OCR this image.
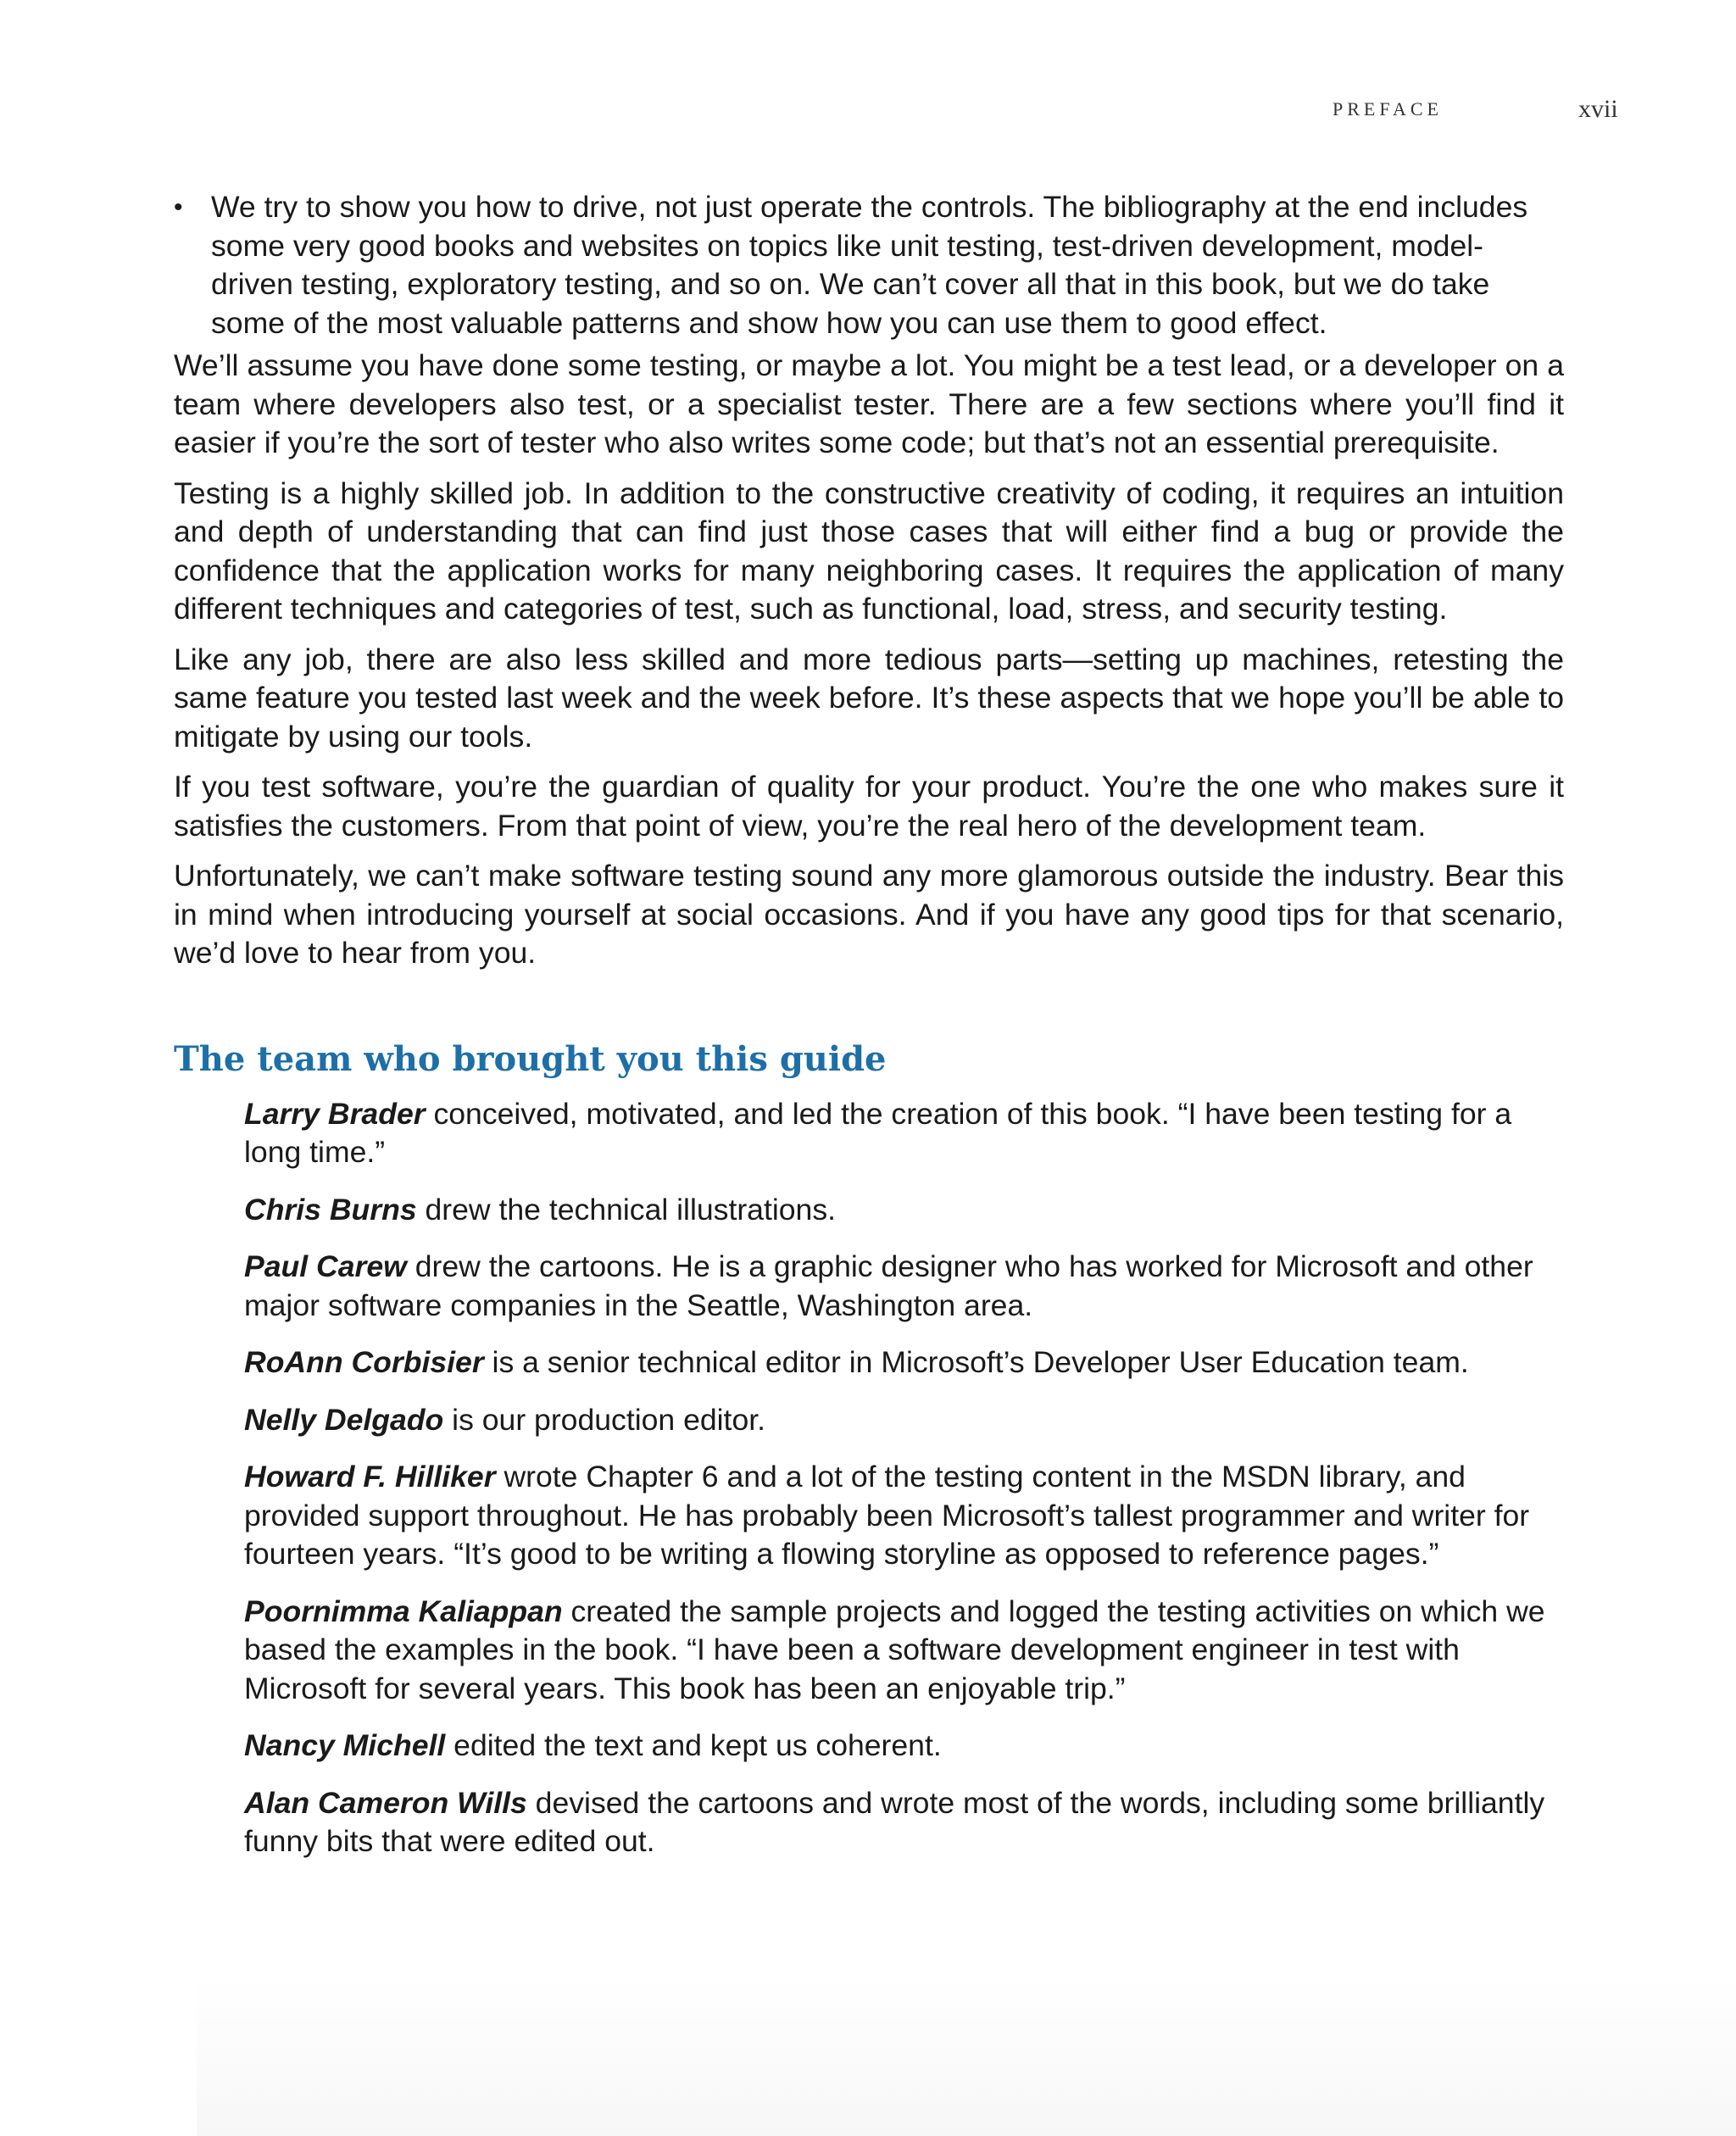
PREFACE	xvii
• We try to show you how to drive, not just operate the controls. The bibliography at the end includes some very good books and websites on topics like unit testing, test-driven development, model-driven testing, exploratory testing, and so on. We can’t cover all that in this book, but we do take some of the most valuable patterns and show how you can use them to good effect.

We’ll assume you have done some testing, or maybe a lot. You might be a test lead, or a developer on a team where developers also test, or a specialist tester. There are a few sections where you’ll find it easier if you’re the sort of tester who also writes some code; but that’s not an essential prerequisite.

Testing is a highly skilled job. In addition to the constructive creativity of coding, it requires an intuition and depth of understanding that can find just those cases that will either find a bug or provide the confidence that the application works for many neighboring cases. It requires the application of many different techniques and categories of test, such as functional, load, stress, and security testing.

Like any job, there are also less skilled and more tedious parts—setting up machines, retesting the same feature you tested last week and the week before. It’s these aspects that we hope you’ll be able to mitigate by using our tools.

If you test software, you’re the guardian of quality for your product. You’re the one who makes sure it satisfies the customers. From that point of view, you’re the real hero of the development team.

Unfortunately, we can’t make software testing sound any more glamorous outside the industry. Bear this in mind when introducing yourself at social occasions. And if you have any good tips for that scenario, we’d love to hear from you.

The team who brought you this guide

Larry Brader conceived, motivated, and led the creation of this book. “I have been testing for a long time.”

Chris Burns drew the technical illustrations.

Paul Carew drew the cartoons. He is a graphic designer who has worked for Microsoft and other major software companies in the Seattle, Washington area.

RoAnn Corbisier is a senior technical editor in Microsoft’s Developer User Education team.

Nelly Delgado is our production editor.

Howard F. Hilliker wrote Chapter 6 and a lot of the testing content in the MSDN library, and provided support throughout. He has probably been Microsoft’s tallest programmer and writer for fourteen years. “It’s good to be writing a flowing storyline as opposed to reference pages.”

Poornimma Kaliappan created the sample projects and logged the testing activities on which we based the examples in the book. “I have been a software development engineer in test with Microsoft for several years. This book has been an enjoyable trip.”

Nancy Michell edited the text and kept us coherent.

Alan Cameron Wills devised the cartoons and wrote most of the words, including some brilliantly funny bits that were edited out.
